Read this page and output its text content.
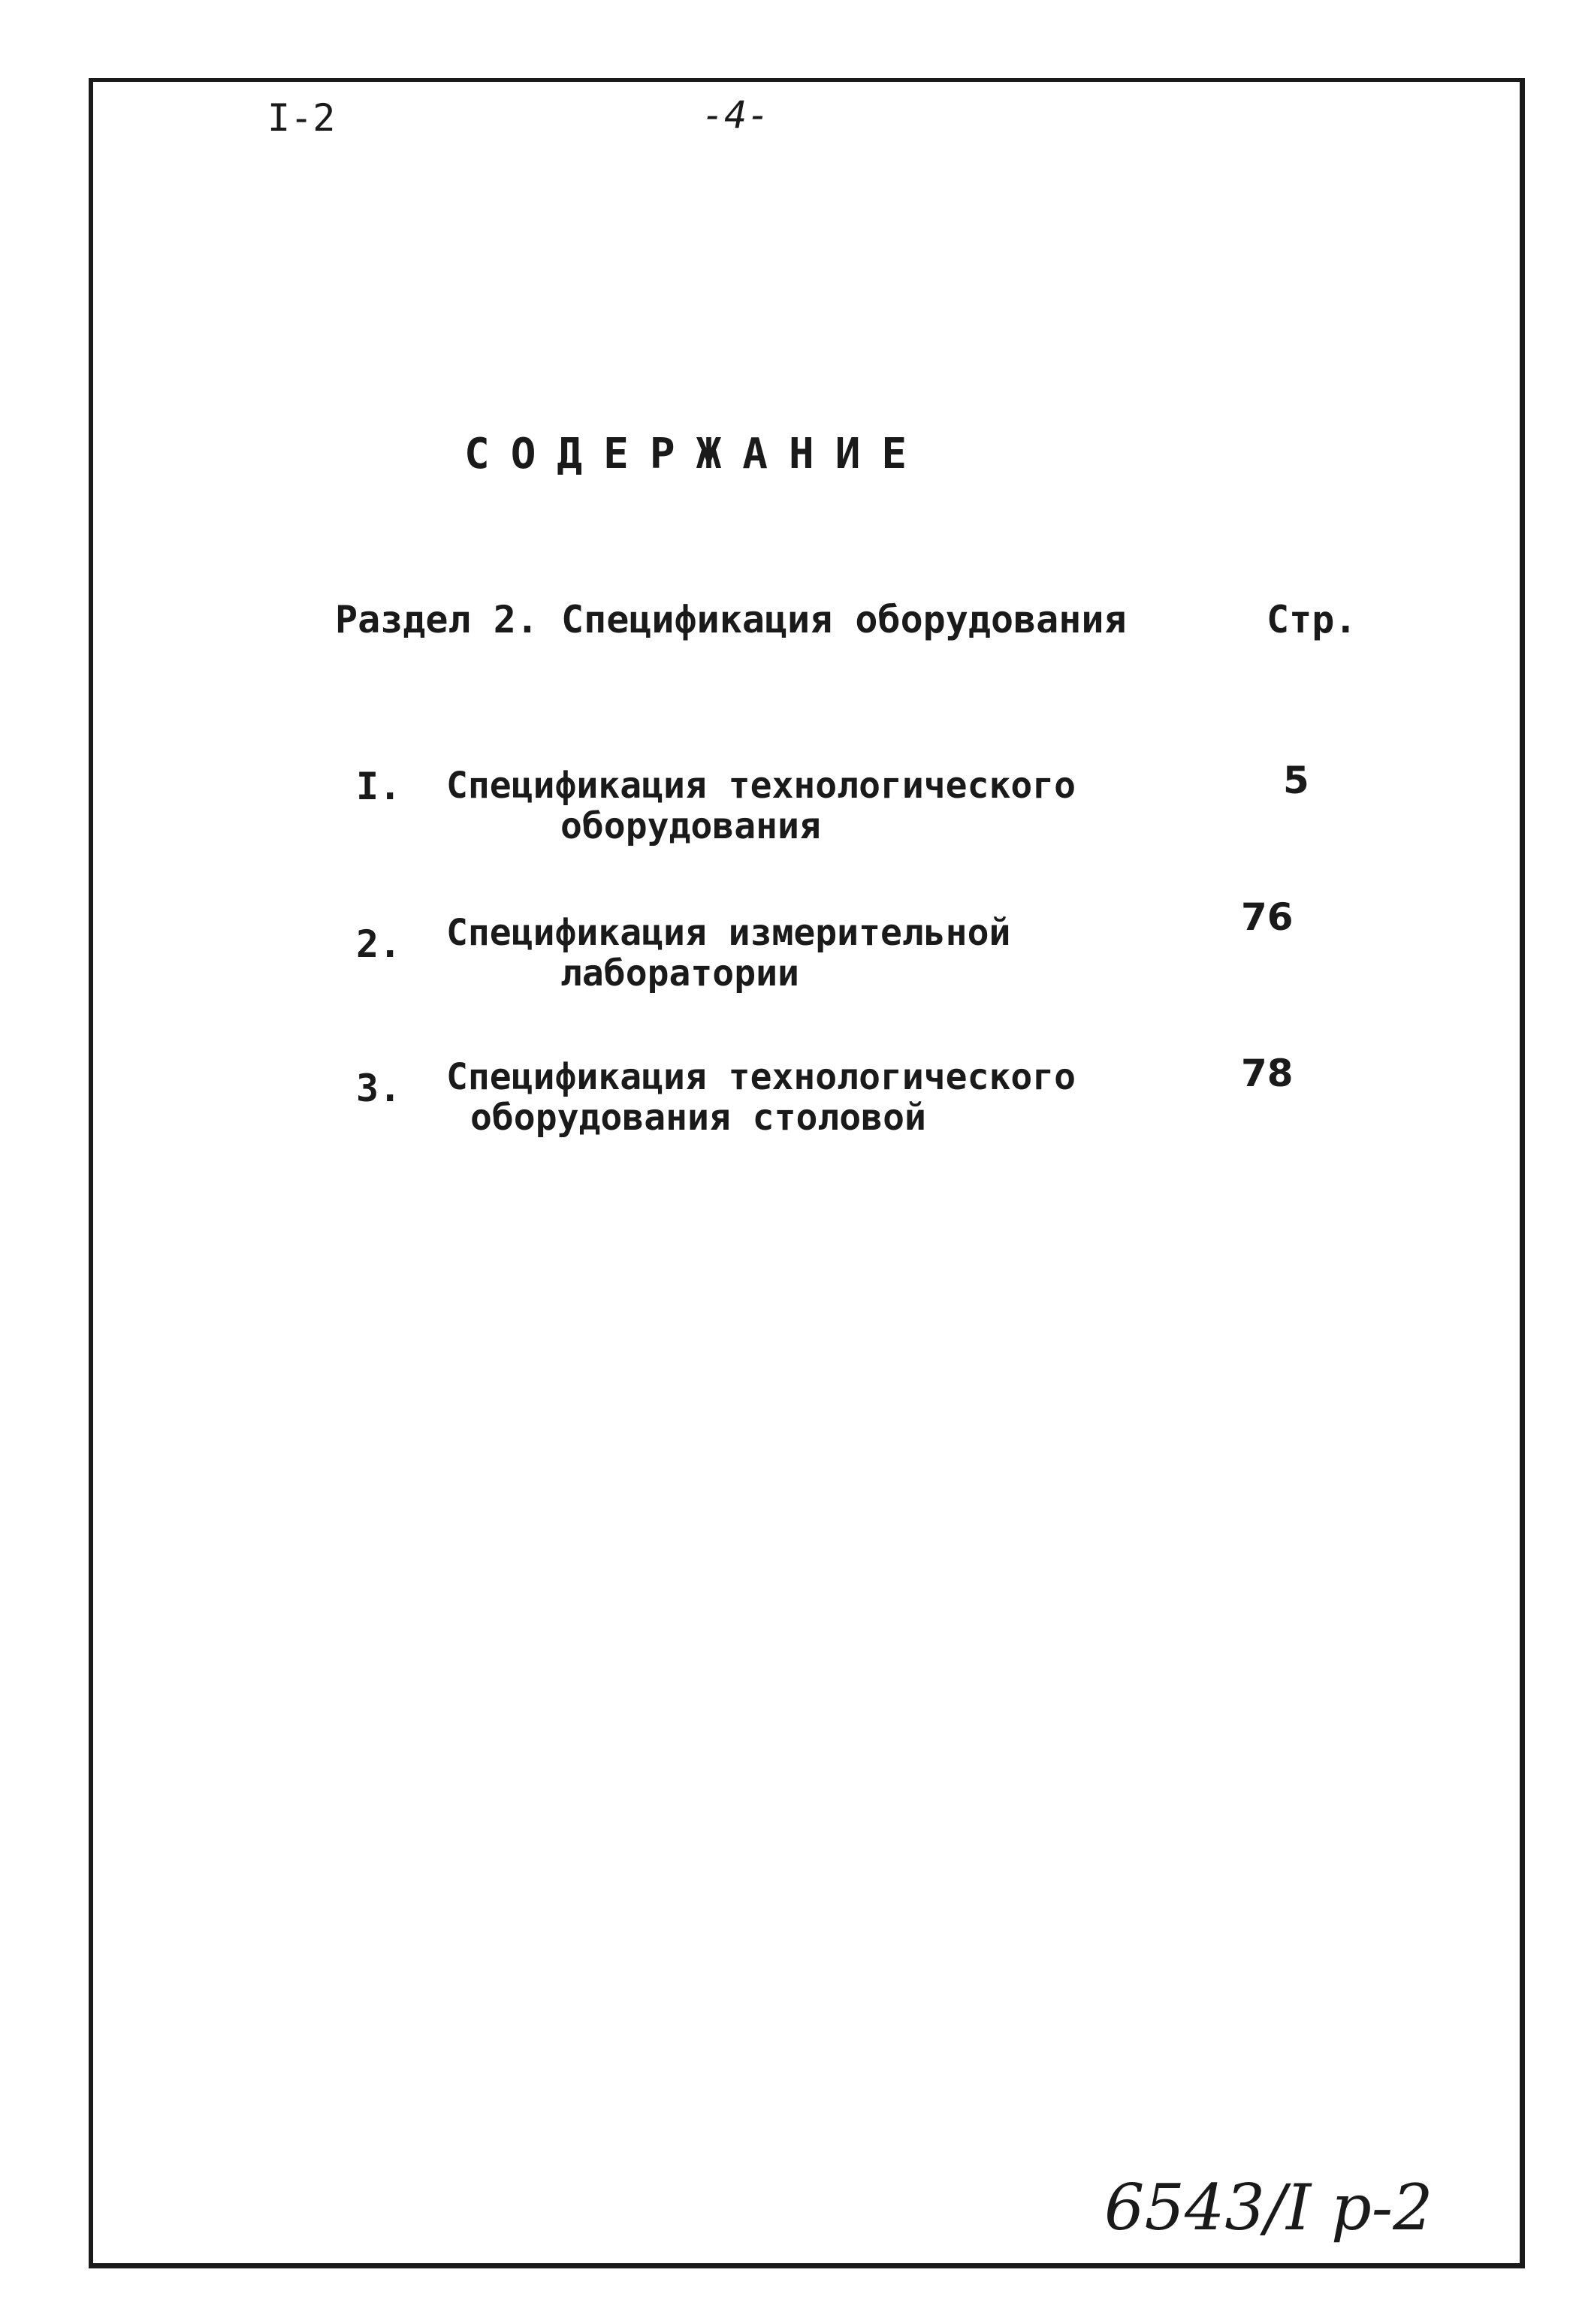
I-2	-4-
СОДЕРЖАНИЕ
Раздел 2. Спецификация оборудования	Стр.
I. Спецификация технологического
оборудования
5
2. Спецификация измерительной
лаборатории
76
3. Спецификация технологического
оборудования столовой
78
6543/I р-2
